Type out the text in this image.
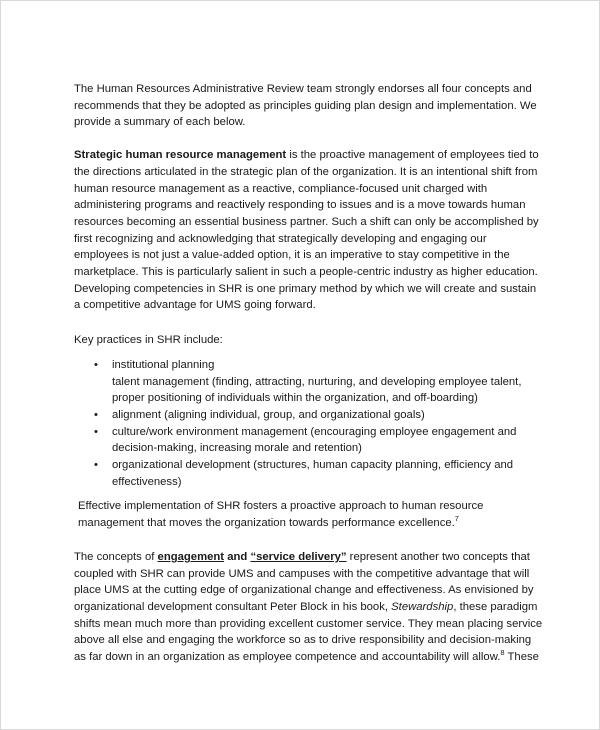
The Human Resources Administrative Review team strongly endorses all four concepts and recommends that they be adopted as principles guiding plan design and implementation. We provide a summary of each below.

Strategic human resource management is the proactive management of employees tied to the directions articulated in the strategic plan of the organization. It is an intentional shift from human resource management as a reactive, compliance-focused unit charged with administering programs and reactively responding to issues and is a move towards human resources becoming an essential business partner. Such a shift can only be accomplished by first recognizing and acknowledging that strategically developing and engaging our employees is not just a value-added option, it is an imperative to stay competitive in the marketplace. This is particularly salient in such a people-centric industry as higher education. Developing competencies in SHR is one primary method by which we will create and sustain a competitive advantage for UMS going forward.

Key practices in SHR include:

• institutional planning
talent management (finding, attracting, nurturing, and developing employee talent, proper positioning of individuals within the organization, and off-boarding)
• alignment (aligning individual, group, and organizational goals)
• culture/work environment management (encouraging employee engagement and decision-making, increasing morale and retention)
• organizational development (structures, human capacity planning, efficiency and effectiveness)

Effective implementation of SHR fosters a proactive approach to human resource management that moves the organization towards performance excellence.$^7$

The concepts of engagement and “service delivery” represent another two concepts that coupled with SHR can provide UMS and campuses with the competitive advantage that will place UMS at the cutting edge of organizational change and effectiveness. As envisioned by organizational development consultant Peter Block in his book, Stewardship, these paradigm shifts mean much more than providing excellent customer service. They mean placing service above all else and engaging the workforce so as to drive responsibility and decision-making as far down in an organization as employee competence and accountability will allow.$^8$ These
